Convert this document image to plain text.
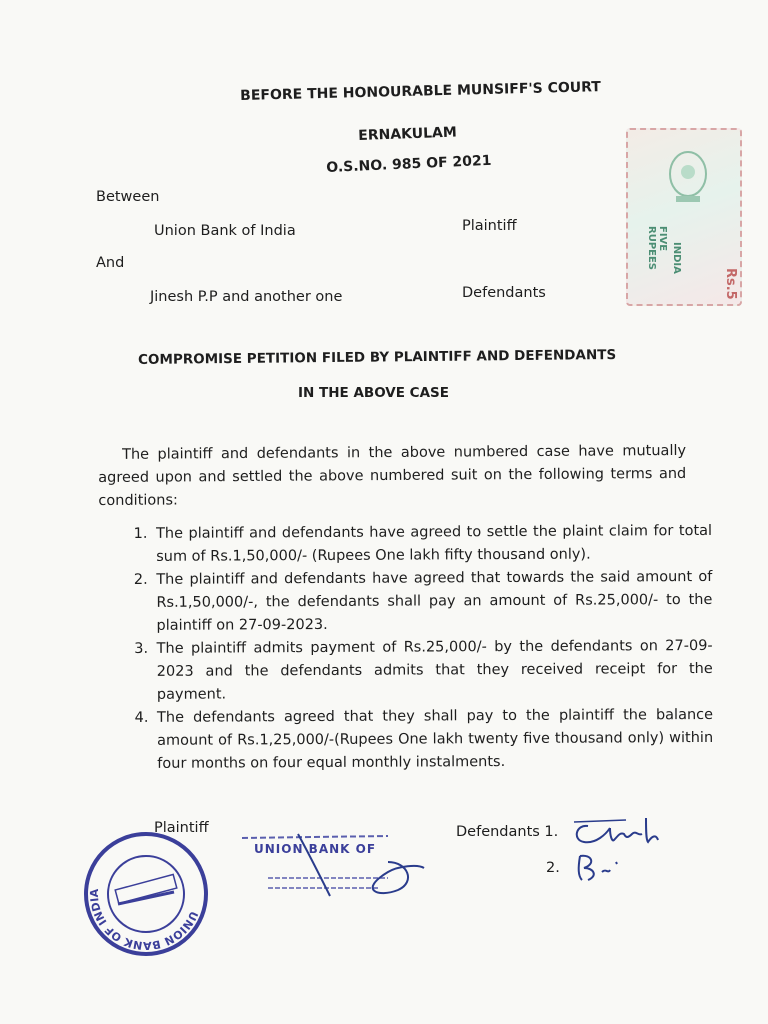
BEFORE THE HONOURABLE MUNSIFF'S COURT
ERNAKULAM
O.S.NO. 985 OF 2021
Between
Union Bank of India	Plaintiff
And
Jinesh P.P and another one	Defendants
INDIA
FIVE RUPEES
Rs.5
COMPROMISE PETITION FILED BY PLAINTIFF AND DEFENDANTS
IN THE ABOVE CASE
The plaintiff and defendants in the above numbered case have mutually agreed upon and settled the above numbered suit on the following terms and conditions:
1. The plaintiff and defendants have agreed to settle the plaint claim for total sum of Rs.1,50,000/- (Rupees One lakh fifty thousand only).
2. The plaintiff and defendants have agreed that towards the said amount of Rs.1,50,000/-, the defendants shall pay an amount of Rs.25,000/- to the plaintiff on 27-09-2023.
3. The plaintiff admits payment of Rs.25,000/- by the defendants on 27-09-2023 and the defendants admits that they received receipt for the payment.
4. The defendants agreed that they shall pay to the plaintiff the balance amount of Rs.1,25,000/-(Rupees One lakh twenty five thousand only) within four months on four equal monthly instalments.
Plaintiff
UNION BANK OF INDIA
UNION BANK OF
Defendants 1.
2.
